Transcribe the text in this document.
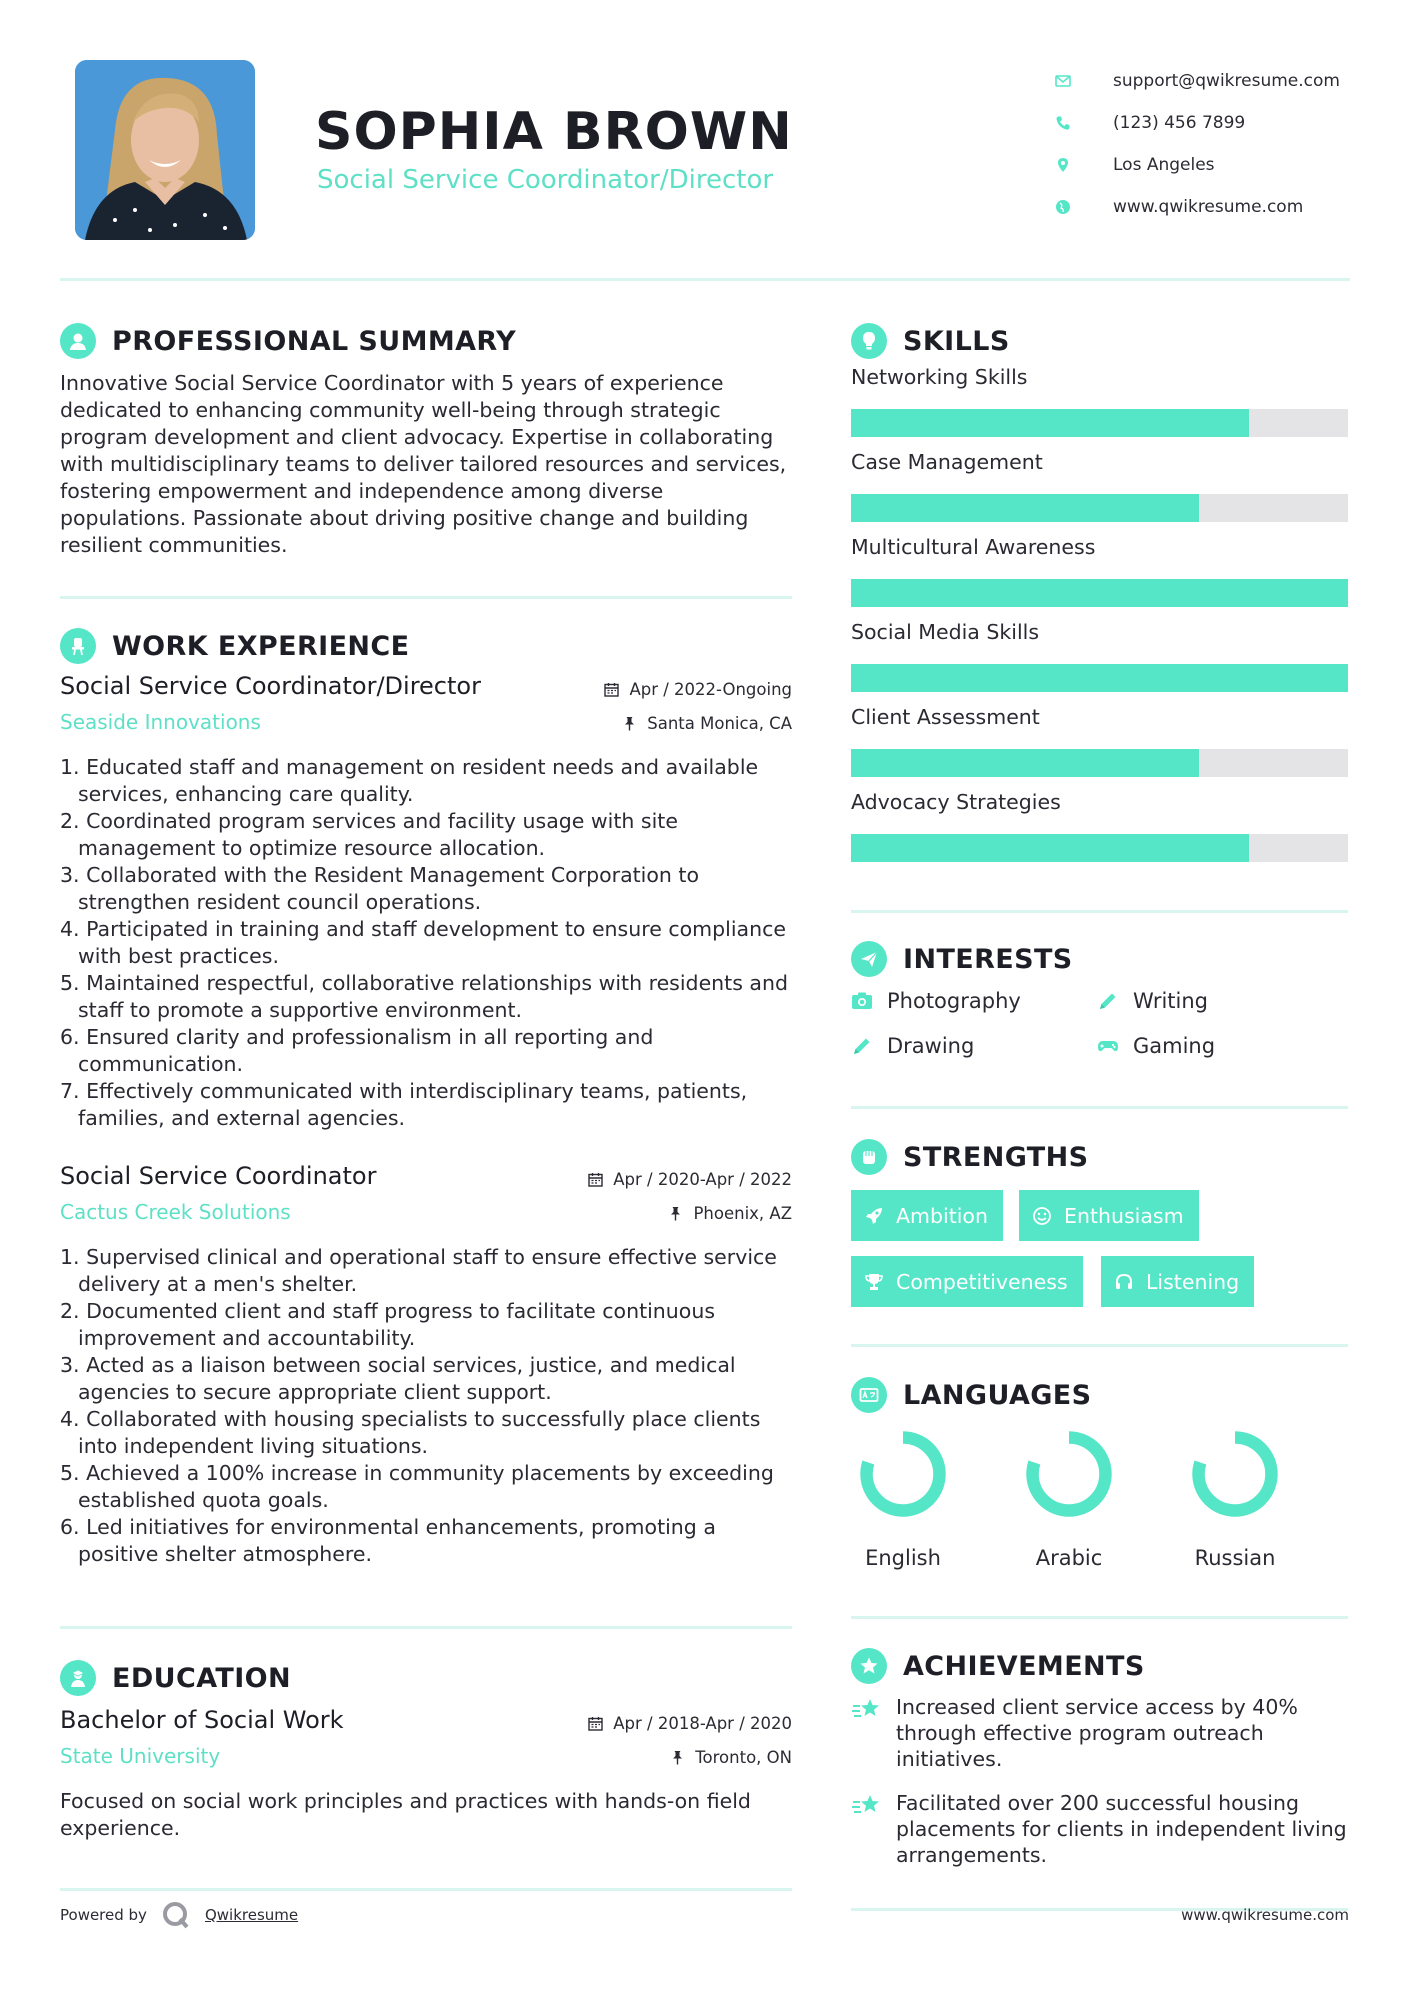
SOPHIA BROWN
Social Service Coordinator/Director
support@qwikresume.com
(123) 456 7899
Los Angeles
www.qwikresume.com
PROFESSIONAL SUMMARY
Innovative Social Service Coordinator with 5 years of experience dedicated to enhancing community well-being through strategic program development and client advocacy. Expertise in collaborating with multidisciplinary teams to deliver tailored resources and services, fostering empowerment and independence among diverse populations. Passionate about driving positive change and building resilient communities.
WORK EXPERIENCE
Social Service Coordinator/Director
Seaside Innovations
Apr / 2022-Ongoing
Santa Monica, CA
1. Educated staff and management on resident needs and available services, enhancing care quality.
2. Coordinated program services and facility usage with site management to optimize resource allocation.
3. Collaborated with the Resident Management Corporation to strengthen resident council operations.
4. Participated in training and staff development to ensure compliance with best practices.
5. Maintained respectful, collaborative relationships with residents and staff to promote a supportive environment.
6. Ensured clarity and professionalism in all reporting and communication.
7. Effectively communicated with interdisciplinary teams, patients, families, and external agencies.
Social Service Coordinator
Cactus Creek Solutions
Apr / 2020-Apr / 2022
Phoenix, AZ
1. Supervised clinical and operational staff to ensure effective service delivery at a men's shelter.
2. Documented client and staff progress to facilitate continuous improvement and accountability.
3. Acted as a liaison between social services, justice, and medical agencies to secure appropriate client support.
4. Collaborated with housing specialists to successfully place clients into independent living situations.
5. Achieved a 100% increase in community placements by exceeding established quota goals.
6. Led initiatives for environmental enhancements, promoting a positive shelter atmosphere.
EDUCATION
Bachelor of Social Work
State University
Apr / 2018-Apr / 2020
Toronto, ON
Focused on social work principles and practices with hands-on field experience.
SKILLS
Networking Skills
Case Management
Multicultural Awareness
Social Media Skills
Client Assessment
Advocacy Strategies
INTERESTS
Photography	Writing
Drawing	Gaming
STRENGTHS
Ambition	Enthusiasm
Competitiveness	Listening
LANGUAGES
English	Arabic	Russian
ACHIEVEMENTS
Increased client service access by 40% through effective program outreach initiatives.
Facilitated over 200 successful housing placements for clients in independent living arrangements.
Powered by	Qwikresume	www.qwikresume.com
